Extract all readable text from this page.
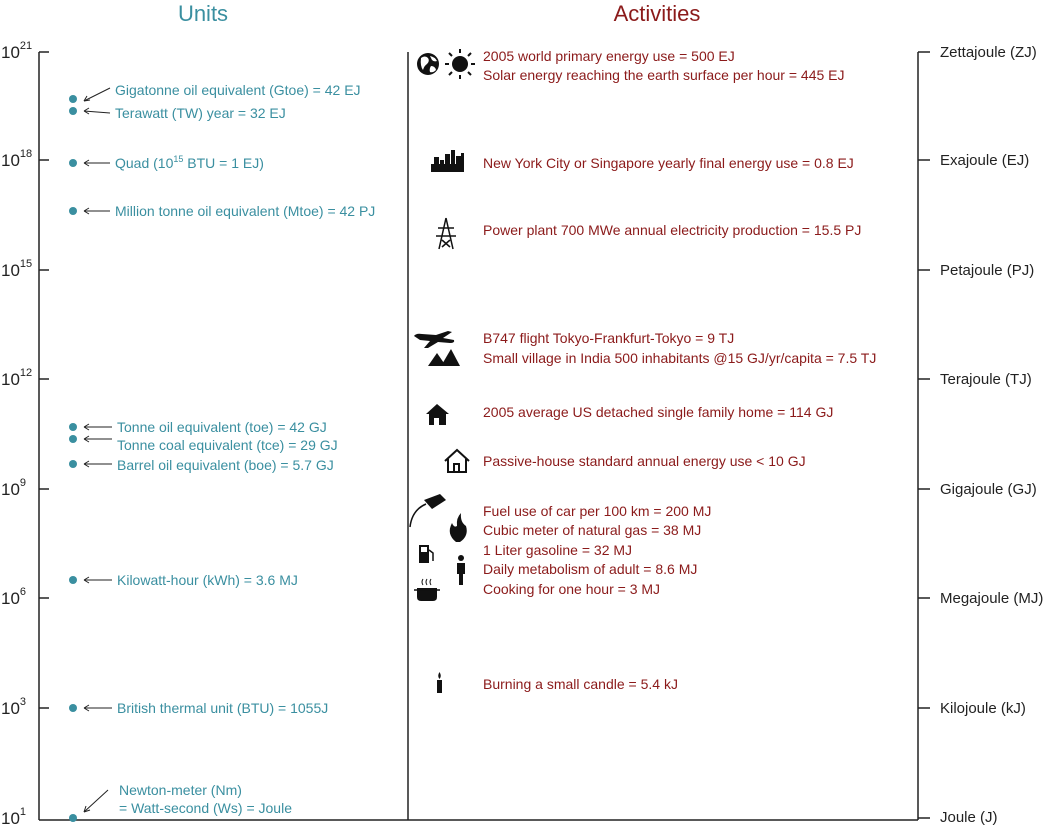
Units	Activities
$10^{21}$
$10^{18}$
$10^{15}$
$10^{12}$
$10^9$
$10^6$
$10^3$
$10^1$
Zettajoule (ZJ)
Exajoule (EJ)
Petajoule (PJ)
Terajoule (TJ)
Gigajoule (GJ)
Megajoule (MJ)
Kilojoule (kJ)
Joule (J)
Gigatonne oil equivalent (Gtoe) = 42 EJ
Terawatt (TW) year = 32 EJ
Quad ($10^{15}$ BTU = 1 EJ)
Million tonne oil equivalent (Mtoe) = 42 PJ
Tonne oil equivalent (toe) = 42 GJ
Tonne coal equivalent (tce) = 29 GJ
Barrel oil equivalent (boe) = 5.7 GJ
Kilowatt-hour (kWh) = 3.6 MJ
British thermal unit (BTU) = 1055J
Newton-meter (Nm)
= Watt-second (Ws) = Joule
2005 world primary energy use = 500 EJ
Solar energy reaching the earth surface per hour = 445 EJ
New York City or Singapore yearly final energy use = 0.8 EJ
Power plant 700 MWe annual electricity production = 15.5 PJ
B747 flight Tokyo-Frankfurt-Tokyo = 9 TJ
Small village in India 500 inhabitants @15 GJ/yr/capita = 7.5 TJ
2005 average US detached single family home = 114 GJ
Passive-house standard annual energy use < 10 GJ
Fuel use of car per 100 km = 200 MJ
Cubic meter of natural gas = 38 MJ
1 Liter gasoline = 32 MJ
Daily metabolism of adult = 8.6 MJ
Cooking for one hour = 3 MJ
Burning a small candle = 5.4 kJ
